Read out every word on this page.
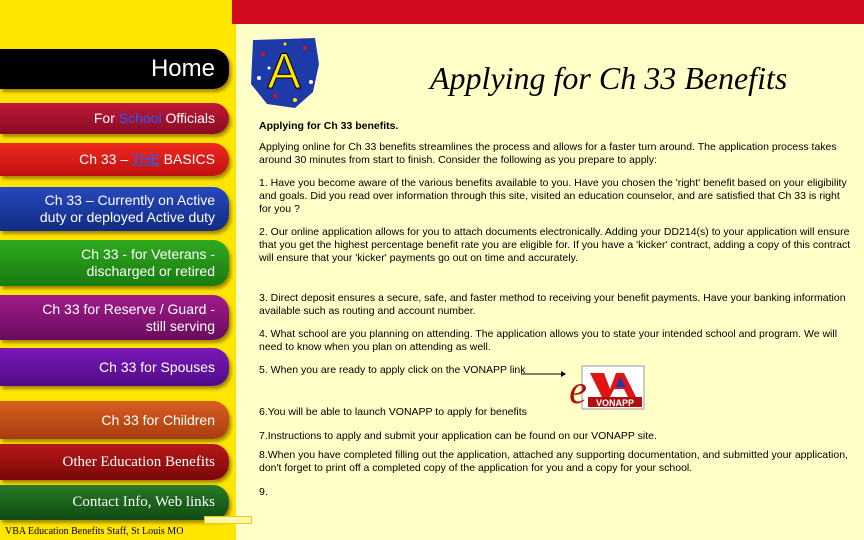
Home
For School Officials
Ch 33 – THE BASICS
Ch 33 – Currently on Active
duty or deployed Active duty
Ch 33 - for Veterans -
discharged or retired
Ch 33 for Reserve / Guard -
still serving
Ch 33 for Spouses
Ch 33 for Children
Other Education Benefits
Contact Info, Web links
VBA Education Benefits Staff, St Louis MO
A	Applying for Ch 33 Benefits
Applying for Ch 33 benefits.
Applying online for Ch 33 benefits streamlines the process and allows for a faster turn around. The application process takes around 30 minutes from start to finish. Consider the following as you prepare to apply:
1. Have you become aware of the various benefits available to you. Have you chosen the 'right' benefit based on your eligibility and goals. Did you read over information through this site, visited an education counselor, and are satisfied that Ch 33 is right for you ?
2. Our online application allows for you to attach documents electronically. Adding your DD214(s) to your application will ensure that you get the highest percentage benefit rate you are eligible for. If you have a 'kicker' contract, adding a copy of this contract will ensure that your 'kicker' payments go out on time and accurately.
3. Direct deposit ensures a secure, safe, and faster method to receiving your benefit payments. Have your banking information available such as routing and account number.
4. What school are you planning on attending. The application allows you to state your intended school and program. We will need to know when you plan on attending as well.
5. When you are ready to apply click on the VONAPP link
6.You will be able to launch VONAPP to apply for benefits
7.Instructions to apply and submit your application can be found on our VONAPP site.
8.When you have completed filling out the application, attached any supporting documentation, and submitted your application, don't forget to print off a completed copy of the application for you and a copy for your school.
9.
VONAPP
e
